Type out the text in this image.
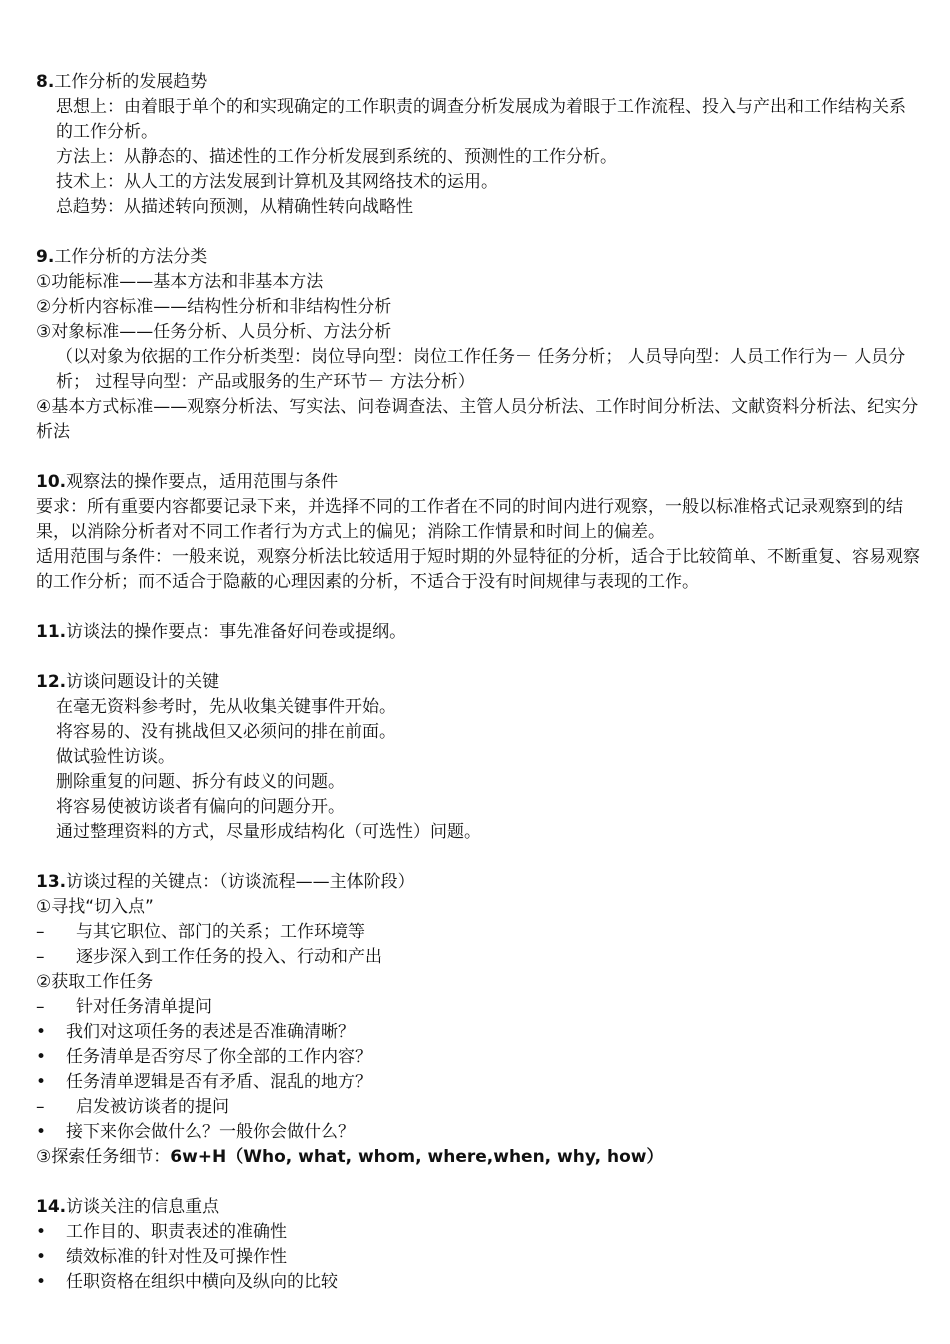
8.工作分析的发展趋势

思想上：由着眼于单个的和实现确定的工作职责的调查分析发展成为着眼于工作流程、投入与产出和工作结构关系的工作分析。

方法上：从静态的、描述性的工作分析发展到系统的、预测性的工作分析。

技术上：从人工的方法发展到计算机及其网络技术的运用。

总趋势：从描述转向预测，从精确性转向战略性

9.工作分析的方法分类

①功能标准——基本方法和非基本方法

②分析内容标准——结构性分析和非结构性分析

③对象标准——任务分析、人员分析、方法分析

（以对象为依据的工作分析类型：岗位导向型：岗位工作任务－ 任务分析； 人员导向型：人员工作行为－ 人员分析； 过程导向型：产品或服务的生产环节－ 方法分析）

④基本方式标准——观察分析法、写实法、问卷调查法、主管人员分析法、工作时间分析法、文献资料分析法、纪实分析法

10.观察法的操作要点，适用范围与条件

要求：所有重要内容都要记录下来，并选择不同的工作者在不同的时间内进行观察，一般以标准格式记录观察到的结果，以消除分析者对不同工作者行为方式上的偏见；消除工作情景和时间上的偏差。

适用范围与条件：一般来说，观察分析法比较适用于短时期的外显特征的分析，适合于比较简单、不断重复、容易观察的工作分析；而不适合于隐蔽的心理因素的分析，不适合于没有时间规律与表现的工作。

11.访谈法的操作要点：事先准备好问卷或提纲。

12.访谈问题设计的关键

在毫无资料参考时，先从收集关键事件开始。

将容易的、没有挑战但又必须问的排在前面。

做试验性访谈。

删除重复的问题、拆分有歧义的问题。

将容易使被访谈者有偏向的问题分开。

通过整理资料的方式，尽量形成结构化（可选性）问题。

13.访谈过程的关键点：（访谈流程——主体阶段）

①寻找“切入点”

–	与其它职位、部门的关系；工作环境等
–	逐步深入到工作任务的投入、行动和产出

②获取工作任务

–	针对任务清单提问
•	我们对这项任务的表述是否准确清晰？
•	任务清单是否穷尽了你全部的工作内容？
•	任务清单逻辑是否有矛盾、混乱的地方？
–	启发被访谈者的提问
•	接下来你会做什么？一般你会做什么？

③探索任务细节：6w+H（Who, what, whom, where,when, why, how）

14.访谈关注的信息重点

•	工作目的、职责表述的准确性
•	绩效标准的针对性及可操作性
•	任职资格在组织中横向及纵向的比较
